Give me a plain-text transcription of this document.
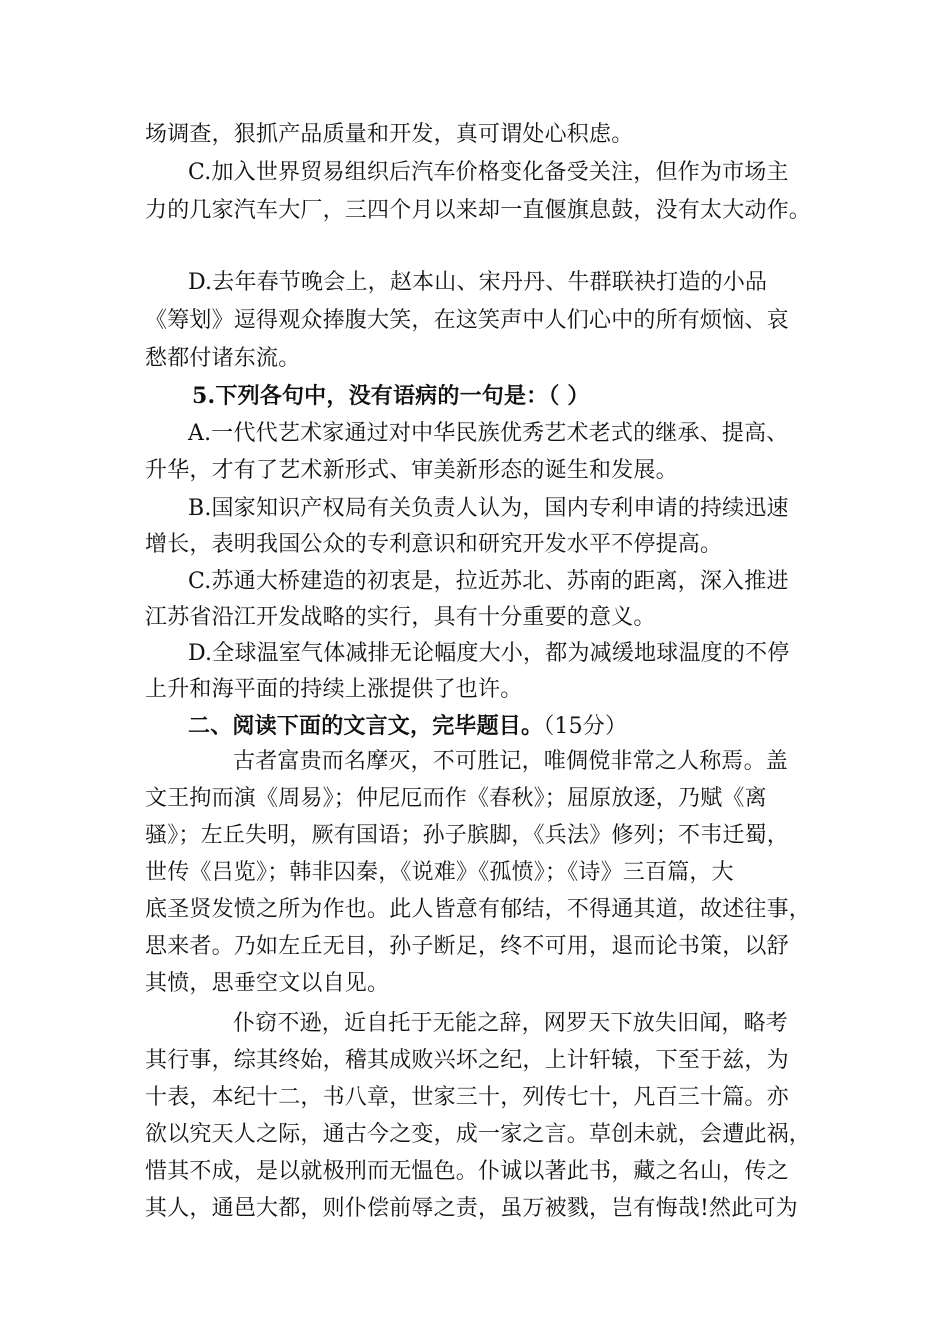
场调查，狠抓产品质量和开发，真可谓处心积虑。
C.加入世界贸易组织后汽车价格变化备受关注，但作为市场主
力的几家汽车大厂，三四个月以来却一直偃旗息鼓，没有太大动作。
D.去年春节晚会上，赵本山、宋丹丹、牛群联袂打造的小品
《筹划》逗得观众捧腹大笑，在这笑声中人们心中的所有烦恼、哀
愁都付诸东流。
5.下列各句中，没有语病的一句是：（ ）
A.一代代艺术家通过对中华民族优秀艺术老式的继承、提高、
升华，才有了艺术新形式、审美新形态的诞生和发展。
B.国家知识产权局有关负责人认为，国内专利申请的持续迅速
增长，表明我国公众的专利意识和研究开发水平不停提高。
C.苏通大桥建造的初衷是，拉近苏北、苏南的距离，深入推进
江苏省沿江开发战略的实行，具有十分重要的意义。
D.全球温室气体减排无论幅度大小，都为减缓地球温度的不停
上升和海平面的持续上涨提供了也许。
二、阅读下面的文言文，完毕题目。（15分）
古者富贵而名摩灭，不可胜记，唯倜傥非常之人称焉。盖
文王拘而演《周易》；仲尼厄而作《春秋》；屈原放逐，乃赋《离
骚》；左丘失明，厥有国语；孙子膑脚，《兵法》修列；不韦迁蜀，
世传《吕览》；韩非囚秦，《说难》《孤愤》；《诗》三百篇，大
底圣贤发愤之所为作也。此人皆意有郁结，不得通其道，故述往事，
思来者。乃如左丘无目，孙子断足，终不可用，退而论书策，以舒
其愤，思垂空文以自见。
仆窃不逊，近自托于无能之辞，网罗天下放失旧闻，略考
其行事，综其终始，稽其成败兴坏之纪，上计轩辕，下至于兹，为
十表，本纪十二，书八章，世家三十，列传七十，凡百三十篇。亦
欲以究天人之际，通古今之变，成一家之言。草创未就，会遭此祸，
惜其不成，是以就极刑而无愠色。仆诚以著此书，藏之名山，传之
其人，通邑大都，则仆偿前辱之责，虽万被戮，岂有悔哉!然此可为
